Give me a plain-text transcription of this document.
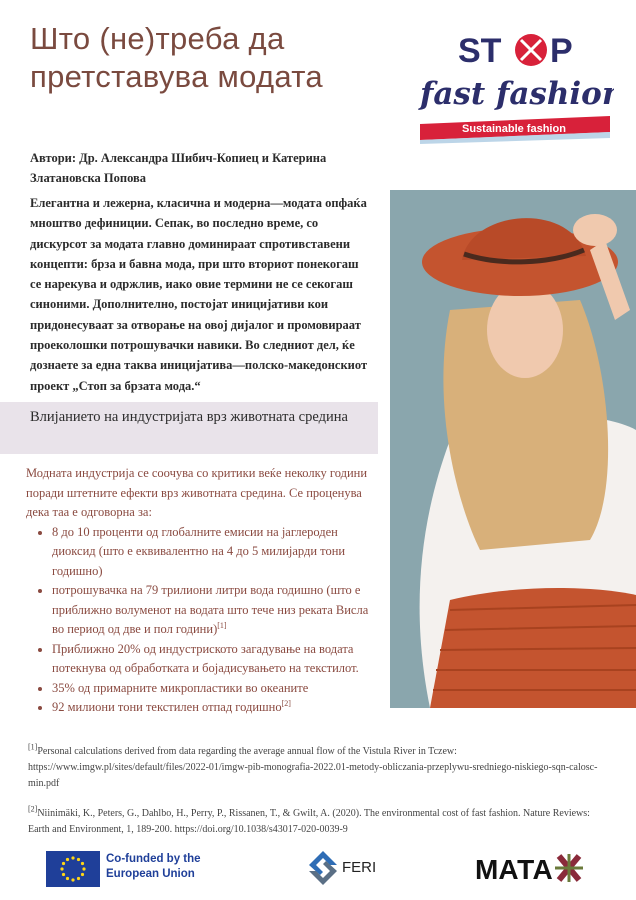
Што (не)треба да претставува модата
ST P
fast fashion
Sustainable fashion
Автори: Др. Александра Шибич-Копиец и Катерина Златановска Попова
Елегантна и лежерна, класична и модерна—модата опфаќа мноштво дефиниции. Сепак, во последно време, со дискурсот за модата главно доминираат спротивставени концепти: брза и бавна мода, при што вториот понекогаш се нарекува и одржлив, иако овие термини не се секогаш синоними. Дополнително, постојат иницијативи кои придонесуваат за отворање на овој дијалог и промовираат проеколошки потрошувачки навики. Во следниот дел, ќе дознаете за една таква иницијатива—полско-македонскиот проект „Стоп за брзата мода.“
Влијанието на индустријата врз животната средина

Модната индустрија се соочува со критики веќе неколку години поради штетните ефекти врз животната средина. Се проценува дека таа е одговорна за:

• 8 до 10 проценти од глобалните емисии на јаглероден диоксид (што е еквивалентно на 4 до 5 милијарди тони годишно)
• потрошувачка на 79 трилиони литри вода годишно (што е приближно волуменот на водата што тече низ реката Висла во период од две и пол години)[1]
• Приближно 20% од индустриското загадување на водата потекнува од обработката и бојадисувањето на текстилот.
• 35% од примарните микропластики во океаните
• 92 милиони тони текстилен отпад годишно[2]
[1]Personal calculations derived from data regarding the average annual flow of the Vistula River in Tczew: https://www.imgw.pl/sites/default/files/2022-01/imgw-pib-monografia-2022.01-metody-obliczania-przeplywu-sredniego-niskiego-sqn-calosc-min.pdf
[2]Niinimäki, K., Peters, G., Dahlbo, H., Perry, P., Rissanen, T., & Gwilt, A. (2020). The environmental cost of fast fashion. Nature Reviews: Earth and Environment, 1, 189-200. https://doi.org/10.1038/s43017-020-0039-9
Co-funded by the European Union	FERI	МАТА
